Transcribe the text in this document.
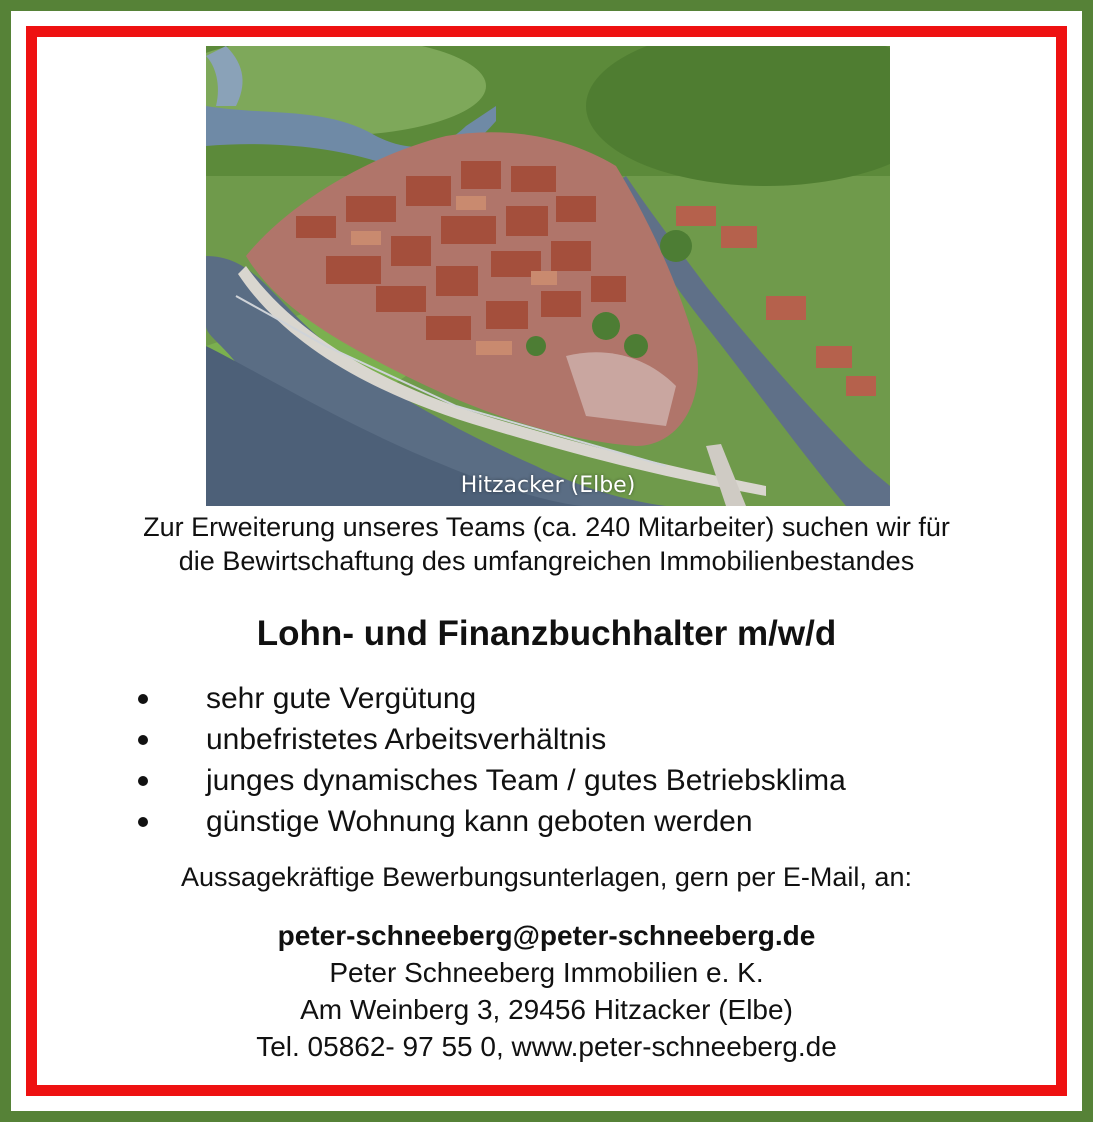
Hitzacker (Elbe)
Zur Erweiterung unseres Teams (ca. 240 Mitarbeiter) suchen wir für
die Bewirtschaftung des umfangreichen Immobilienbestandes
Lohn- und Finanzbuchhalter m/w/d
sehr gute Vergütung
unbefristetes Arbeitsverhältnis
junges dynamisches Team / gutes Betriebsklima
günstige Wohnung kann geboten werden
Aussagekräftige Bewerbungsunterlagen, gern per E-Mail, an:
peter-schneeberg@peter-schneeberg.de
Peter Schneeberg Immobilien e. K.
Am Weinberg 3, 29456 Hitzacker (Elbe)
Tel. 05862- 97 55 0, www.peter-schneeberg.de
